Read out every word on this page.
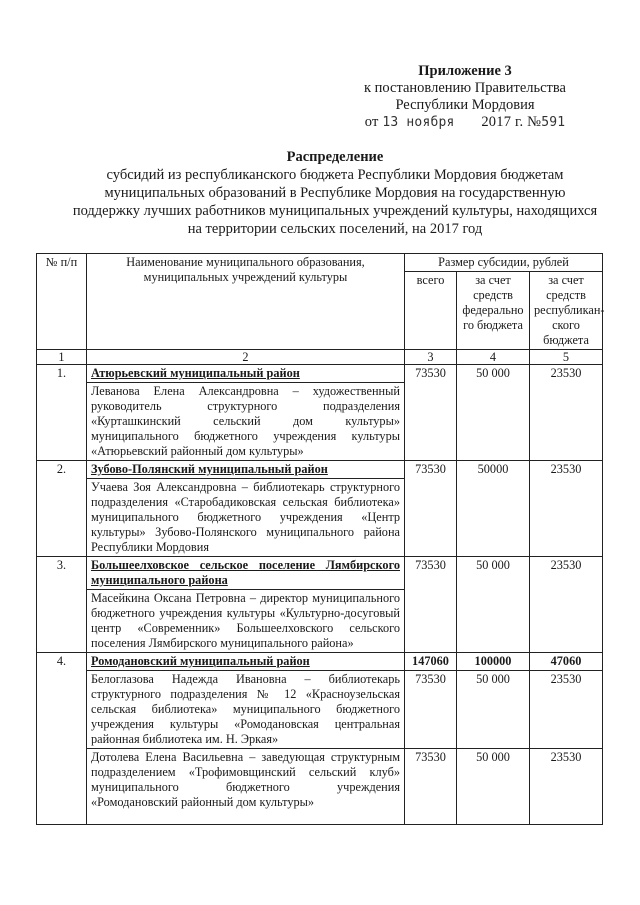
Приложение 3
к постановлению Правительства
Республики Мордовия
от 13 ноября 2017 г. №591
Распределение
субсидий из республиканского бюджета Республики Мордовия бюджетам муниципальных образований в Республике Мордовия на государственную поддержку лучших работников муниципальных учреждений культуры, находящихся на территории сельских поселений, на 2017 год
№ п/п	Наименование муниципального образования, муниципальных учреждений культуры	Размер субсидии, рублей		
		всего	за счет средств федерально го бюджета	за счет средств республикан-ского бюджета
1	2	3	4	5
1.	Атюрьевский муниципальный район	73530	50 000	23530
	Леванова Елена Александровна – художественный руководитель структурного подразделения «Курташкинский сельский дом культуры» муниципального бюджетного учреждения культуры «Атюрьевский районный дом культуры»			
2.	Зубово-Полянский муниципальный район	73530	50000	23530
	Учаева Зоя Александровна – библиотекарь структурного подразделения «Старобадиковская сельская библиотека» муниципального бюджетного учреждения «Центр культуры» Зубово-Полянского муниципального района Республики Мордовия			
3.	Большеелховское сельское поселение Лямбирского муниципального района	73530	50 000	23530
	Масейкина Оксана Петровна – директор муниципального бюджетного учреждения культуры «Культурно-досуговый центр «Современник» Большеелховского сельского поселения Лямбирского муниципального района»			
4.	Ромодановский муниципальный район	147060	100000	47060
	Белоглазова Надежда Ивановна – библиотекарь структурного подразделения № 12 «Красноузельская сельская библиотека» муниципального бюджетного учреждения культуры «Ромодановская центральная районная библиотека им. Н. Эркая»	73530	50 000	23530
	Дотолева Елена Васильевна – заведующая структурным подразделением «Трофимовщинский сельский клуб» муниципального бюджетного учреждения «Ромодановский районный дом культуры»	73530	50 000	23530
